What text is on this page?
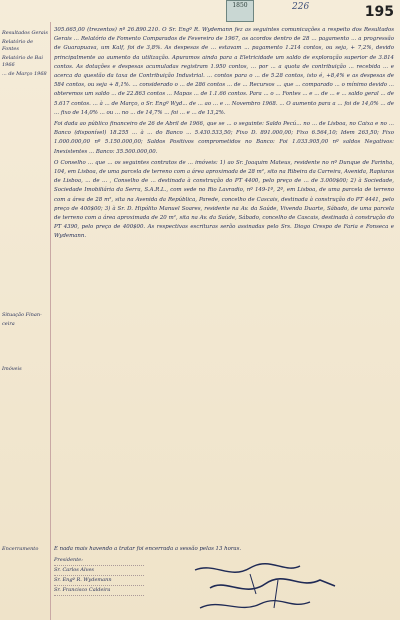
1850	226	195
Resultados Gerais
Relatório de Fontes
Relatório de Bai 1966
... de Março 1968
Situação Finan-
ceira
Imóveis
Encerramento

305.665,00 (trezentos) nº 26.890.210. O Sr. Engº R. Wydemann fez as seguintes comunicações a respeito dos Resultados Gerais ... Relatório de Fomento Comparados de Fevereiro de 1967, os acordos dentro de 28 ... pagamento ... a progressão de Guarapuava, um Kalf, foi de 3,8%. As despesas de ... estavam ... pagamento 1.214 contos, ou seja, + 7,2%, devido principalmente ao aumento da utilização. Apuramos ainda para a Eletricidade um saldo de exploração superior de 3.814 contos. As dotações e despesas acumuladas registram 1.950 contos, ... por ... a quota de contribuição ... recebida ... e acerca da questão da taxa de Contribuição Industrial. ... contos para o ... de 5.28 contos, isto é, +8,4% e as despesas de 584 contos, ou seja + 8,1%. ... considerado o ... de 286 contos ... de ... Recursos ... que ... comparado ... o mínimo devido ... obteremos um saldo ... de 22.863 contos ... Mapas ... de 1.1.66 contos. Para ... o ... Fontes ... e ... de ... e ... saldo geral ... de 5.617 contos. ... à ... de Março, o Sr. Engº Wyd... de ... ao ... e ... Novembro 1968. ... O aumento para a ... foi de 14,0% ... de ... fixo de 14,0% ... ou ... no ... de 14,7% ... foi ... e ... de 13,2%.

Foi dada ao público financeiro de 26 de Abril de 1966, que se ... o seguinte: Saldo Pecú... no ... de Lisboa, no Caixa e no ... Banco (disponível) 18.255 ... à ... do Banco ... 5.430.533,50; Fixo D. 891.000,00; Fixo 6.564,10; Idem 263,50; Fixo 1.000.000,00 nº 5.150.000,00; Saldos Positivos comprometidos no Banco: Foi 1.033.905,00 nº saldos Negativos: Inexistentes ... Banco: 35.500.000,00.

O Conselho ... que ... os seguintes contratos de ... imóveis: 1) ao Sr. Joaquim Mateus, residente no nº Dunque de Farinha, 104, em Lisboa, de uma parcela de terreno com a área aproximada de 28 m², sito na Ribeira da Carreira, Avenida, Rapiuras de Lisboa, ... de ... , Conselho de ... destinada à construção do PT 4400, pelo preço de ... de 3.000$00; 2) à Sociedade, Sociedade Imobiliária da Serra, S.A.R.L., com sede no Rio Lavradio, nº 149-1º, 2º, em Lisboa, de uma parcela de terreno com a área de 28 m², sita na Avenida da República, Parede, concelho de Cascais, destinada à construção do PT 4441, pelo preço de 400$00; 3) à Sr. D. Hipólito Manuel Soares, residente na Av. da Saúde, Vivenda Duarte, Sábado, de uma parcela de terreno com a área aproximada de 20 m², sita na Av. da Saúde, Sábado, concelho de Cascais, destinada à construção do PT 4390, pelo preço de 400$00. As respectivas escrituras serão assinadas pelo Srs. Diogo Crespo de Faria e Fonseca e Wydemann.

E nada mais havendo a tratar foi encerrada a sessão pelas 13 horas.
Presidente:
Sr. Carlos Alves
Sr. Engº R. Wydemann
Sr. Francisco Caldeira
